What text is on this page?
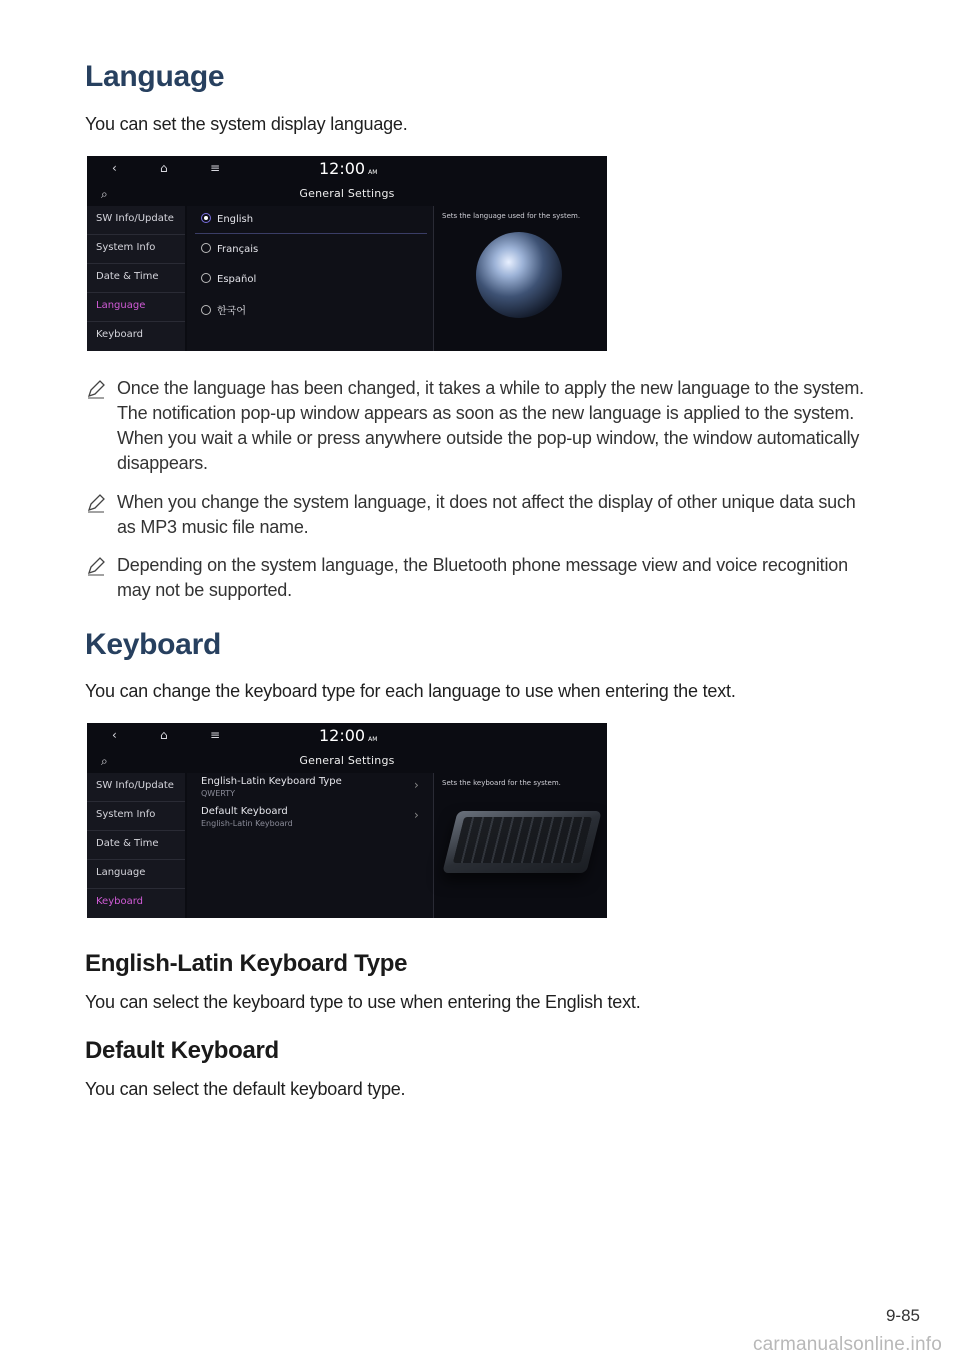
Language

You can set the system display language.

‹	⌂	≡	12:00 AM
⌕	General Settings
SW Info/Update
System Info
Date & Time
Language
Keyboard
English
Français
Español
한국어
Sets the language used for the system.
Once the language has been changed, it takes a while to apply the new language to the system. The notification pop-up window appears as soon as the new language is applied to the system. When you wait a while or press anywhere outside the pop-up window, the window automatically disappears.
When you change the system language, it does not affect the display of other unique data such as MP3 music file name.
Depending on the system language, the Bluetooth phone message view and voice recognition may not be supported.
Keyboard

You can change the keyboard type for each language to use when entering the text.

‹	⌂	≡	12:00 AM
⌕	General Settings
SW Info/Update
System Info
Date & Time
Language
Keyboard
English-Latin Keyboard Type
QWERTY
›
Default Keyboard
English-Latin Keyboard
›
Sets the keyboard for the system.
English-Latin Keyboard Type

You can select the keyboard type to use when entering the English text.

Default Keyboard

You can select the default keyboard type.

9-85
carmanualsonline.info
